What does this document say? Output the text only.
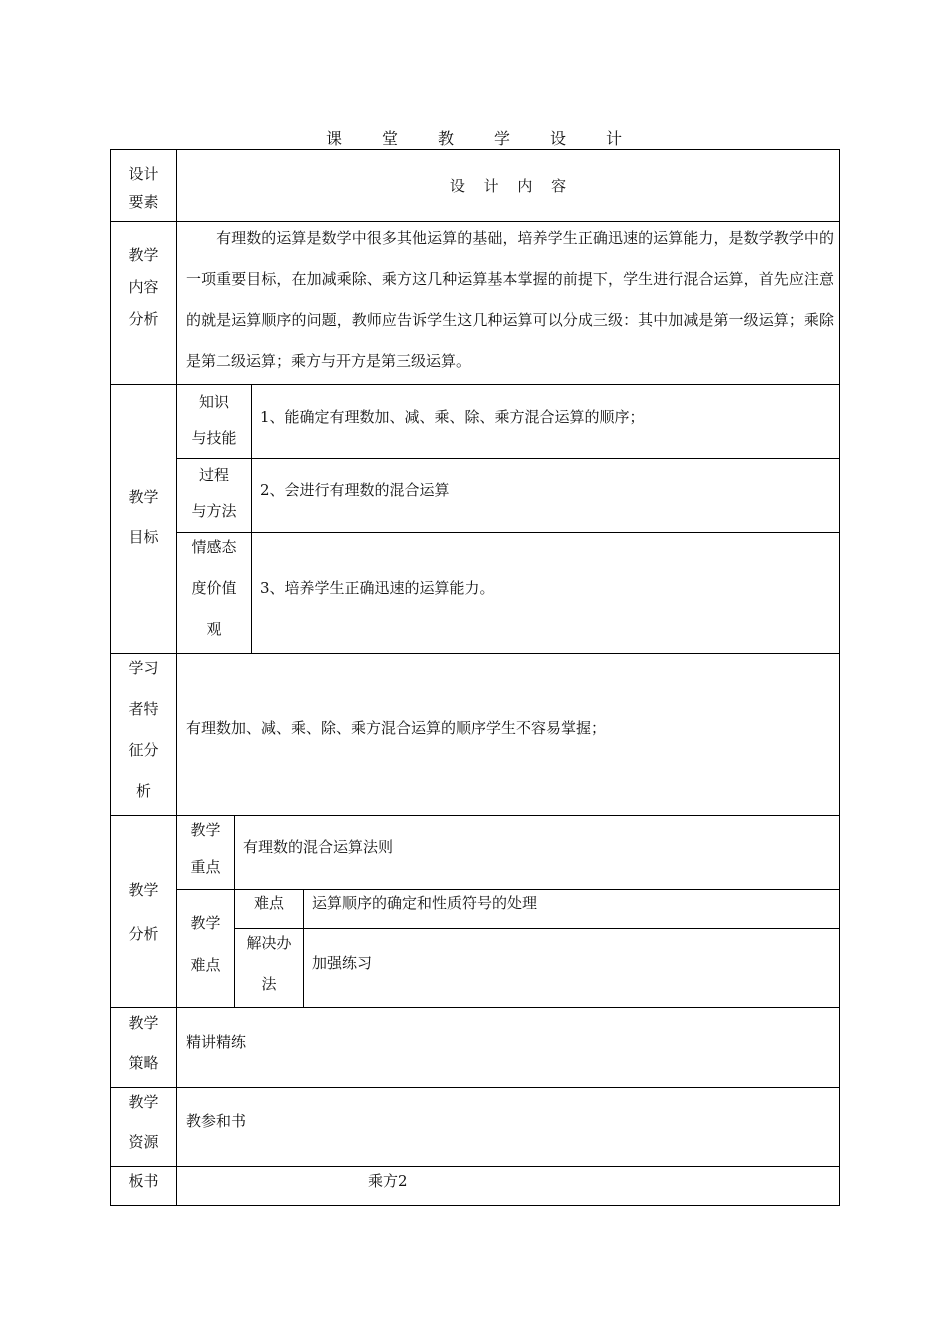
课 堂 教 学 设 计
设计
要素
设 计 内 容
教学
内容
分析
有理数的运算是数学中很多其他运算的基础，培养学生正确迅速的运算能力，是数学教学中的一项重要目标，在加减乘除、乘方这几种运算基本掌握的前提下，学生进行混合运算，首先应注意的就是运算顺序的问题，教师应告诉学生这几种运算可以分成三级：其中加减是第一级运算；乘除是第二级运算；乘方与开方是第三级运算。
教学
目标
知识
与技能
1、能确定有理数加、减、乘、除、乘方混合运算的顺序；
过程
与方法
2、会进行有理数的混合运算
情感态
度价值
观
3、培养学生正确迅速的运算能力。
学习
者特
征分
析
有理数加、减、乘、除、乘方混合运算的顺序学生不容易掌握；
教学
分析
教学
重点
有理数的混合运算法则
教学
难点
难点	运算顺序的确定和性质符号的处理
解决办
法
加强练习
教学
策略
精讲精练
教学
资源
教参和书
板书	乘方2
